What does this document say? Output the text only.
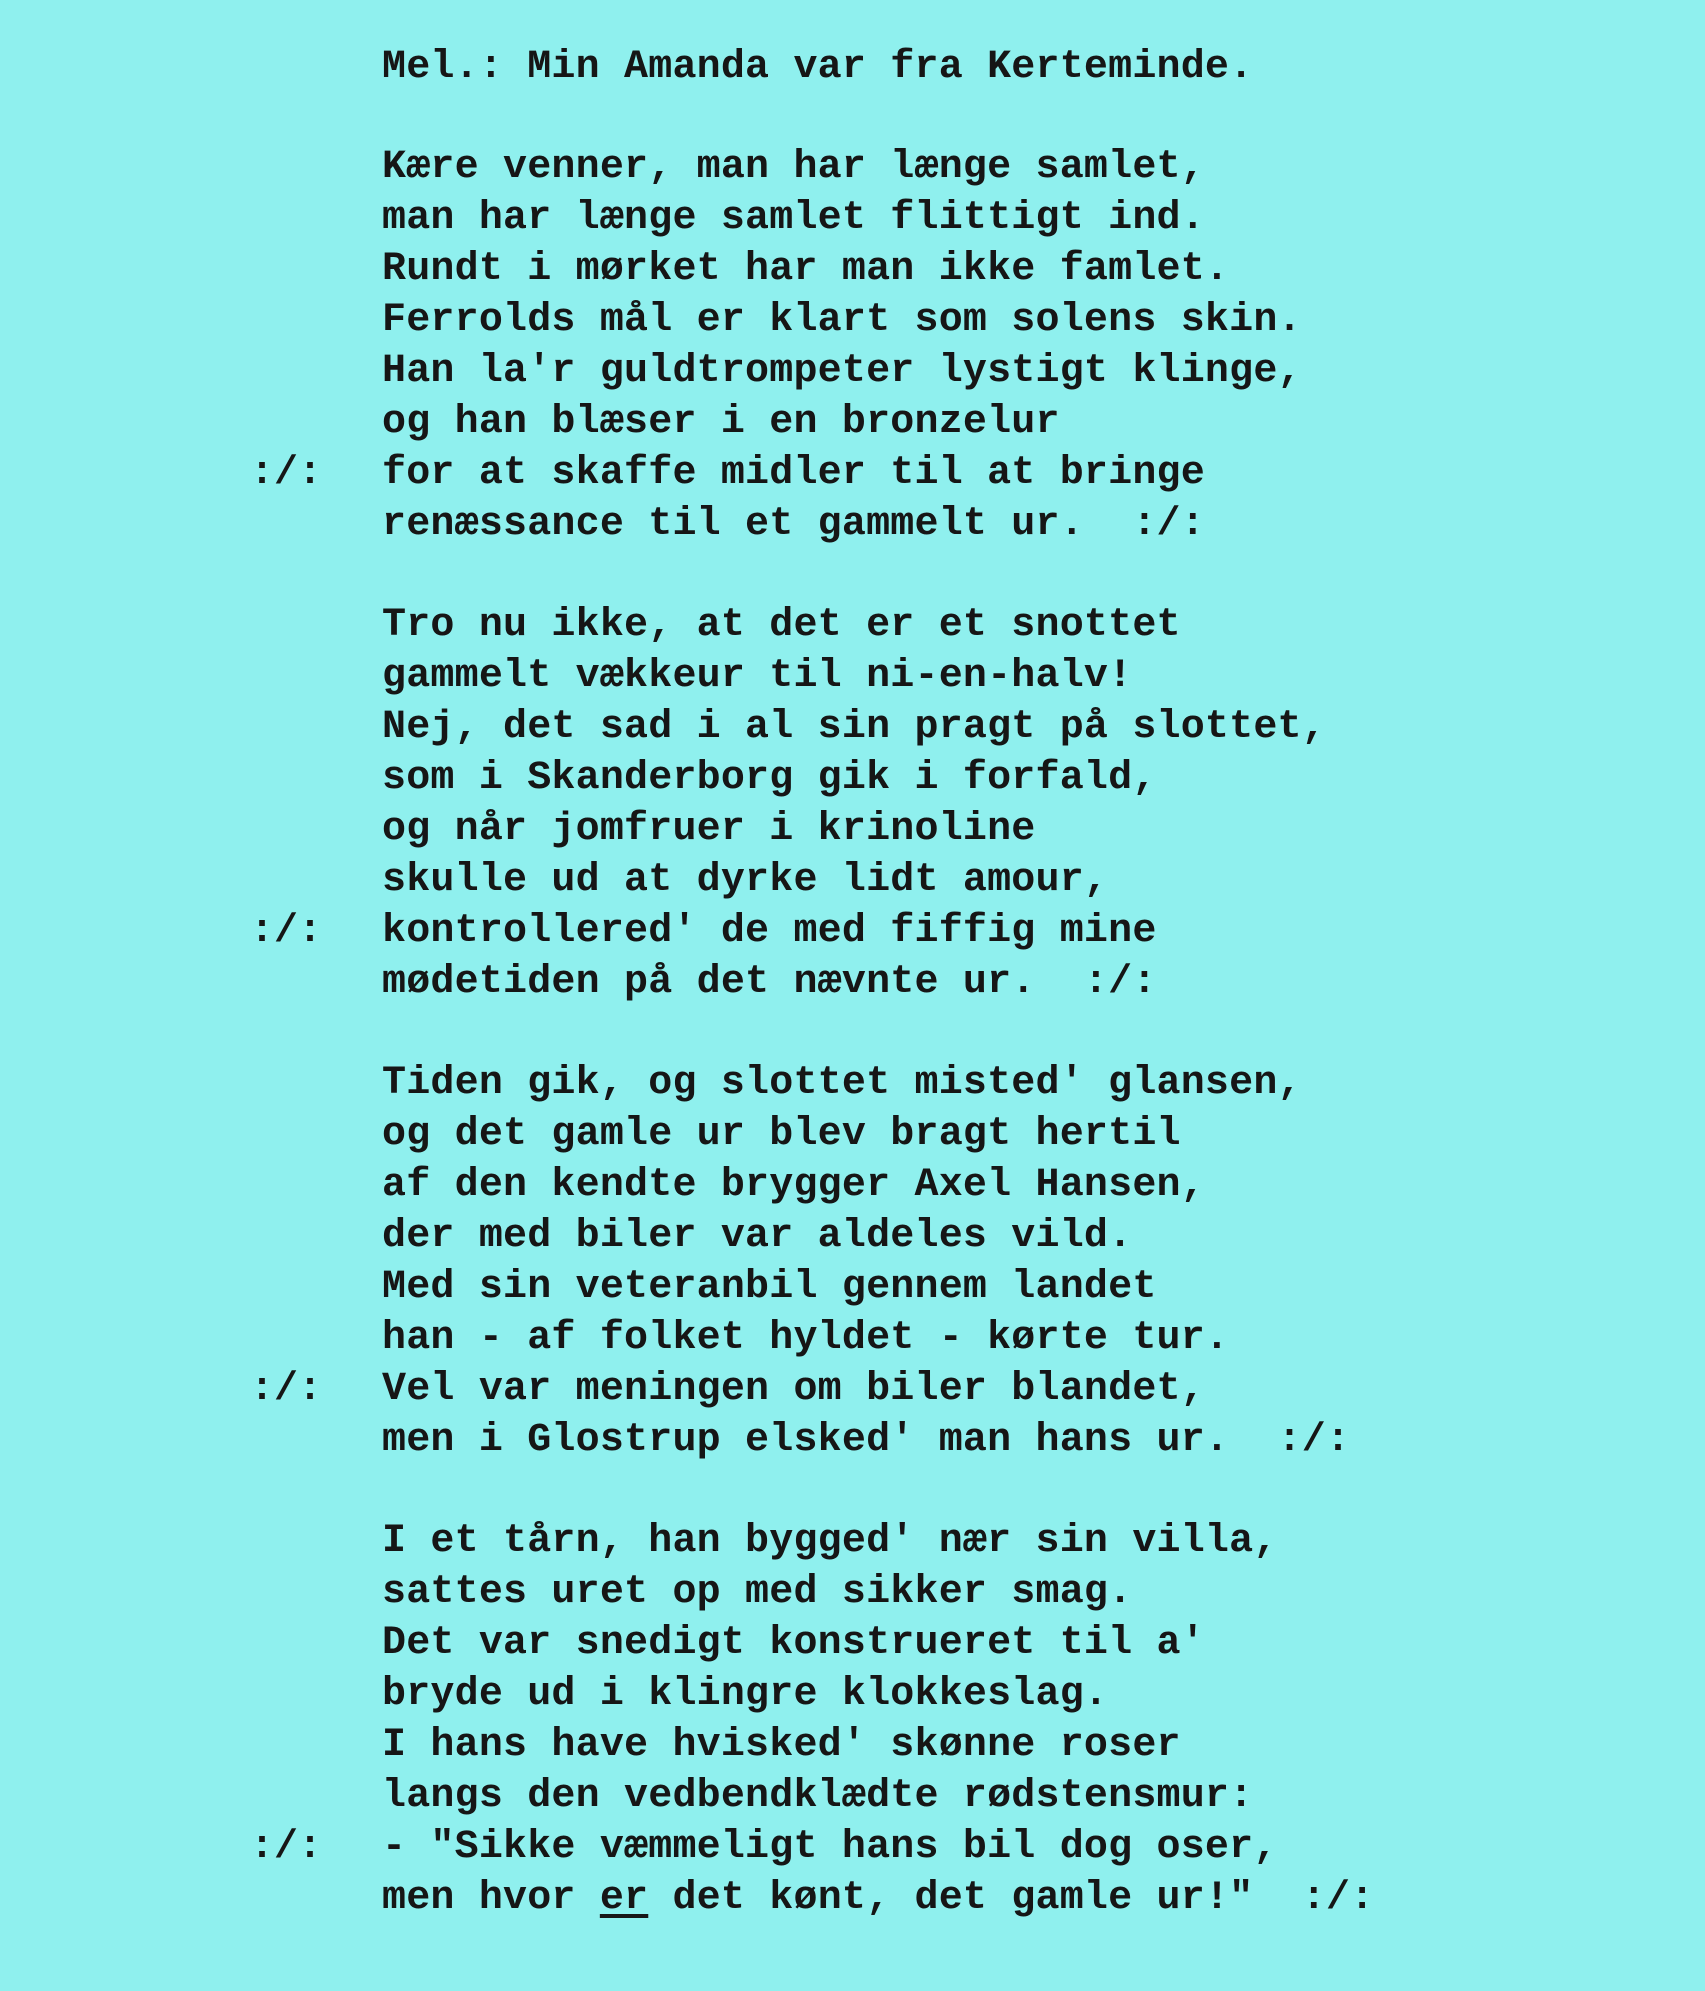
Mel.: Min Amanda var fra Kerteminde.
Kære venner, man har længe samlet,
man har længe samlet flittigt ind.
Rundt i mørket har man ikke famlet.
Ferrolds mål er klart som solens skin.
Han la'r guldtrompeter lystigt klinge,
og han blæser i en bronzelur
:/: for at skaffe midler til at bringe
renæssance til et gammelt ur.  :/:
Tro nu ikke, at det er et snottet
gammelt vækkeur til ni-en-halv!
Nej, det sad i al sin pragt på slottet,
som i Skanderborg gik i forfald,
og når jomfruer i krinoline
skulle ud at dyrke lidt amour,
:/: kontrollered' de med fiffig mine
mødetiden på det nævnte ur.  :/:
Tiden gik, og slottet misted' glansen,
og det gamle ur blev bragt hertil
af den kendte brygger Axel Hansen,
der med biler var aldeles vild.
Med sin veteranbil gennem landet
han - af folket hyldet - kørte tur.
:/: Vel var meningen om biler blandet,
men i Glostrup elsked' man hans ur.  :/:
I et tårn, han bygged' nær sin villa,
sattes uret op med sikker smag.
Det var snedigt konstrueret til a'
bryde ud i klingre klokkeslag.
I hans have hvisked' skønne roser
langs den vedbendklædte rødstensmur:
:/: - "Sikke væmmeligt hans bil dog oser,
men hvor er det kønt, det gamle ur!"  :/:
